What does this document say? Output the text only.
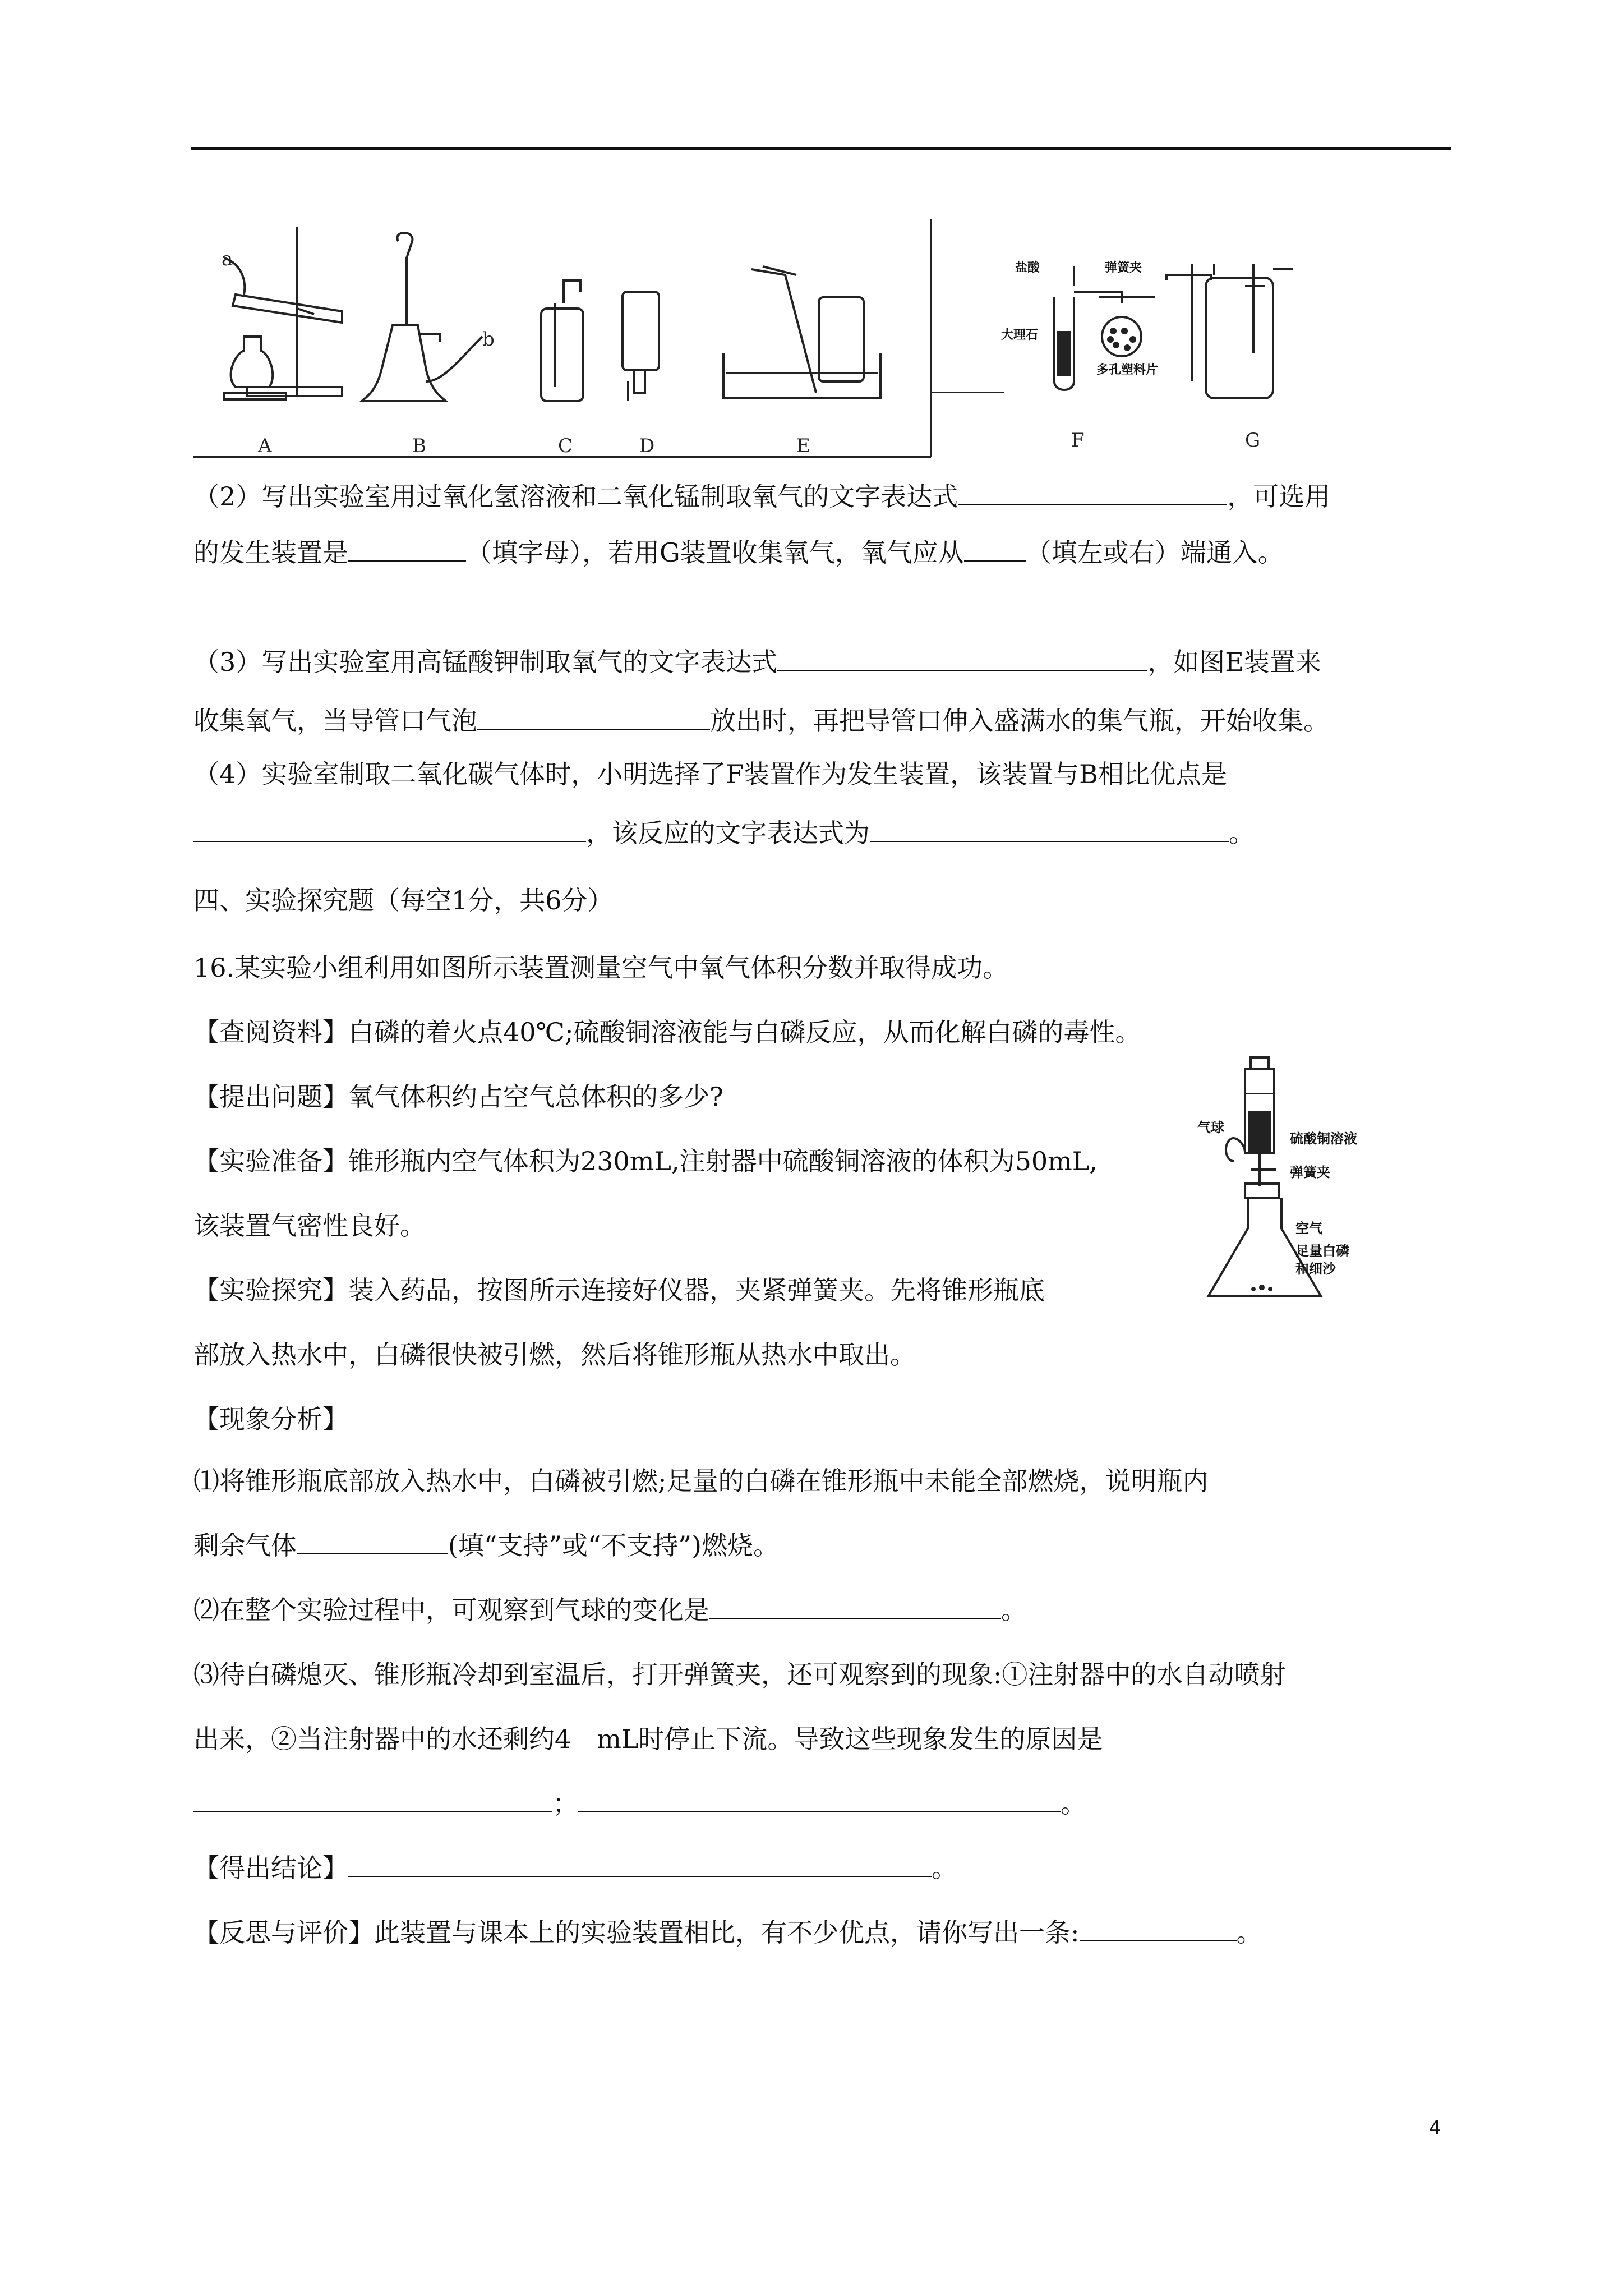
a
b
A	B	C	D	E	F	G
盐酸	弹簧夹
大理石
多孔塑料片
（2）写出实验室用过氧化氢溶液和二氧化锰制取氧气的文字表达式	，可选用
的发生装置是	（填字母），若用G装置收集氧气，氧气应从 （填左或右）端通入。
（3）写出实验室用高锰酸钾制取氧气的文字表达式	，如图E装置来
收集氧气，当导管口气泡	放出时，再把导管口伸入盛满水的集气瓶，开始收集。
（4）实验室制取二氧化碳气体时，小明选择了F装置作为发生装置，该装置与B相比优点是
，该反应的文字表达式为	。
四、实验探究题（每空1分，共6分）
16.某实验小组利用如图所示装置测量空气中氧气体积分数并取得成功。
【查阅资料】白磷的着火点40℃;硫酸铜溶液能与白磷反应，从而化解白磷的毒性。
【提出问题】氧气体积约占空气总体积的多少?
【实验准备】锥形瓶内空气体积为230mL,注射器中硫酸铜溶液的体积为50mL,
该装置气密性良好。
【实验探究】装入药品，按图所示连接好仪器，夹紧弹簧夹。先将锥形瓶底
部放入热水中，白磷很快被引燃，然后将锥形瓶从热水中取出。
【现象分析】
⑴将锥形瓶底部放入热水中，白磷被引燃;足量的白磷在锥形瓶中未能全部燃烧，说明瓶内
剩余气体	(填“支持”或“不支持”)燃烧。
⑵在整个实验过程中，可观察到气球的变化是	。
⑶待白磷熄灭、锥形瓶冷却到室温后，打开弹簧夹，还可观察到的现象:①注射器中的水自动喷射
出来，②当注射器中的水还剩约4　mL时停止下流。导致这些现象发生的原因是
；	。
【得出结论】	。
【反思与评价】此装置与课本上的实验装置相比，有不少优点，请你写出一条:	。
气球
硫酸铜溶液
弹簧夹
空气
足量白磷
和细沙
4
